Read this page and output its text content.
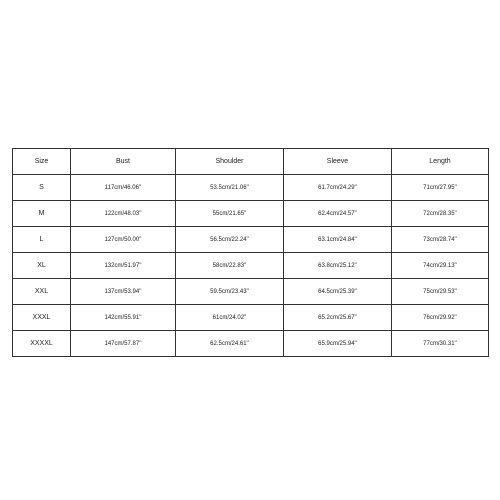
Size	Bust	Shoulder	Sleeve	Length
S	117cm/46.06''	53.5cm/21.06''	61.7cm/24.29''	71cm/27.95''
M	122cm/48.03''	55cm/21.65''	62.4cm/24.57''	72cm/28.35''
L	127cm/50.00''	56.5cm/22.24''	63.1cm/24.84''	73cm/28.74''
XL	132cm/51.97''	58cm/22.83''	63.8cm/25.12''	74cm/29.13''
XXL	137cm/53.94''	59.5cm/23.43''	64.5cm/25.39''	75cm/29.53''
XXXL	142cm/55.91''	61cm/24.02''	65.2cm/25.67''	76cm/29.92''
XXXXL	147cm/57.87''	62.5cm/24.61''	65.9cm/25.94''	77cm/30.31''
